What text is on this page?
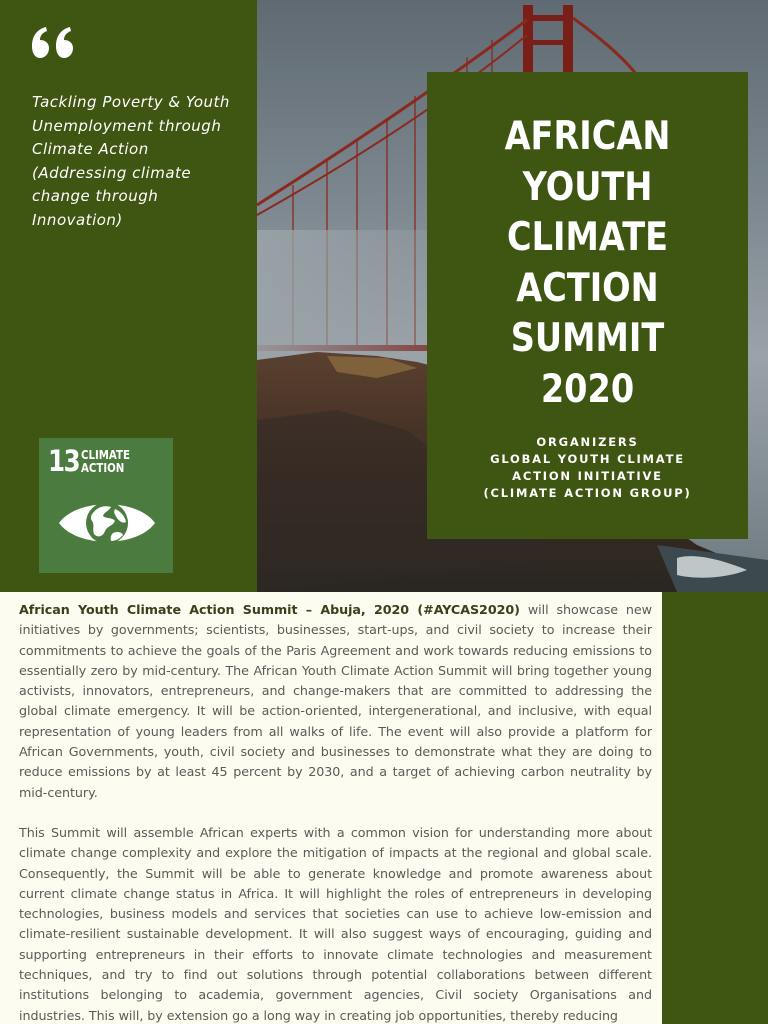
Tackling Poverty & Youth Unemployment through Climate Action (Addressing climate change through Innovation)
13 CLIMATE
ACTION
AFRICAN
YOUTH
CLIMATE
ACTION
SUMMIT
2020
ORGANIZERS
GLOBAL YOUTH CLIMATE
ACTION INITIATIVE
(CLIMATE ACTION GROUP)

African Youth Climate Action Summit – Abuja, 2020 (#AYCAS2020) will showcase new initiatives by governments; scientists, businesses, start-ups, and civil society to increase their commitments to achieve the goals of the Paris Agreement and work towards reducing emissions to essentially zero by mid-century. The African Youth Climate Action Summit will bring together young activists, innovators, entrepreneurs, and change-makers that are committed to addressing the global climate emergency. It will be action-oriented, intergenerational, and inclusive, with equal representation of young leaders from all walks of life. The event will also provide a platform for African Governments, youth, civil society and businesses to demonstrate what they are doing to reduce emissions by at least 45 percent by 2030, and a target of achieving carbon neutrality by mid-century.

This Summit will assemble African experts with a common vision for understanding more about climate change complexity and explore the mitigation of impacts at the regional and global scale. Consequently, the Summit will be able to generate knowledge and promote awareness about current climate change status in Africa. It will highlight the roles of entrepreneurs in developing technologies, business models and services that societies can use to achieve low-emission and climate-resilient sustainable development. It will also suggest ways of encouraging, guiding and supporting entrepreneurs in their efforts to innovate climate technologies and measurement techniques, and try to find out solutions through potential collaborations between different institutions belonging to academia, government agencies, Civil society Organisations and industries. This will, by extension go a long way in creating job opportunities, thereby reducing
